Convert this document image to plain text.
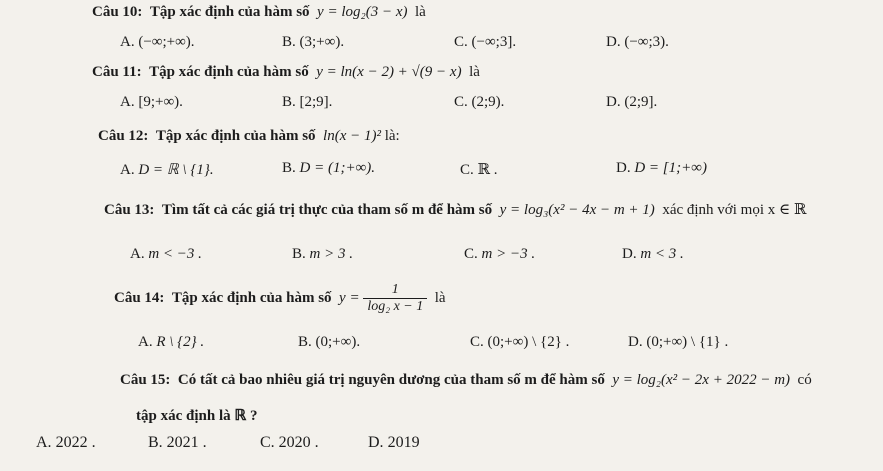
Câu 10: Tập xác định của hàm số y = log₂(3 − x) là
A. (−∞;+∞).	B. (3;+∞).	C. (−∞;3].	D. (−∞;3).
Câu 11: Tập xác định của hàm số y = ln(x − 2) + √(9 − x) là
A. [9;+∞).	B. [2;9].	C. (2;9).	D. (2;9].
Câu 12: Tập xác định của hàm số ln(x − 1)² là:
A. D = ℝ \ {1}.	B. D = (1;+∞).	C. ℝ .	D. D = [1;+∞)
Câu 13: Tìm tất cả các giá trị thực của tham số m để hàm số y = log₃(x² − 4x − m + 1) xác định với mọi x ∈ ℝ
A. m < −3 .	B. m > 3 .	C. m > −3 .	D. m < 3 .
Câu 14: Tập xác định của hàm số $y = \frac{1}{\text{log₂ x − 1}}$ là
A. R \ {2} .	B. (0;+∞).	C. (0;+∞) \ {2} .	D. (0;+∞) \ {1} .
Câu 15: Có tất cả bao nhiêu giá trị nguyên dương của tham số m để hàm số y = log₂(x² − 2x + 2022 − m) có
tập xác định là ℝ ?
A. 2022 .	B. 2021 .	C. 2020 .	D. 2019
